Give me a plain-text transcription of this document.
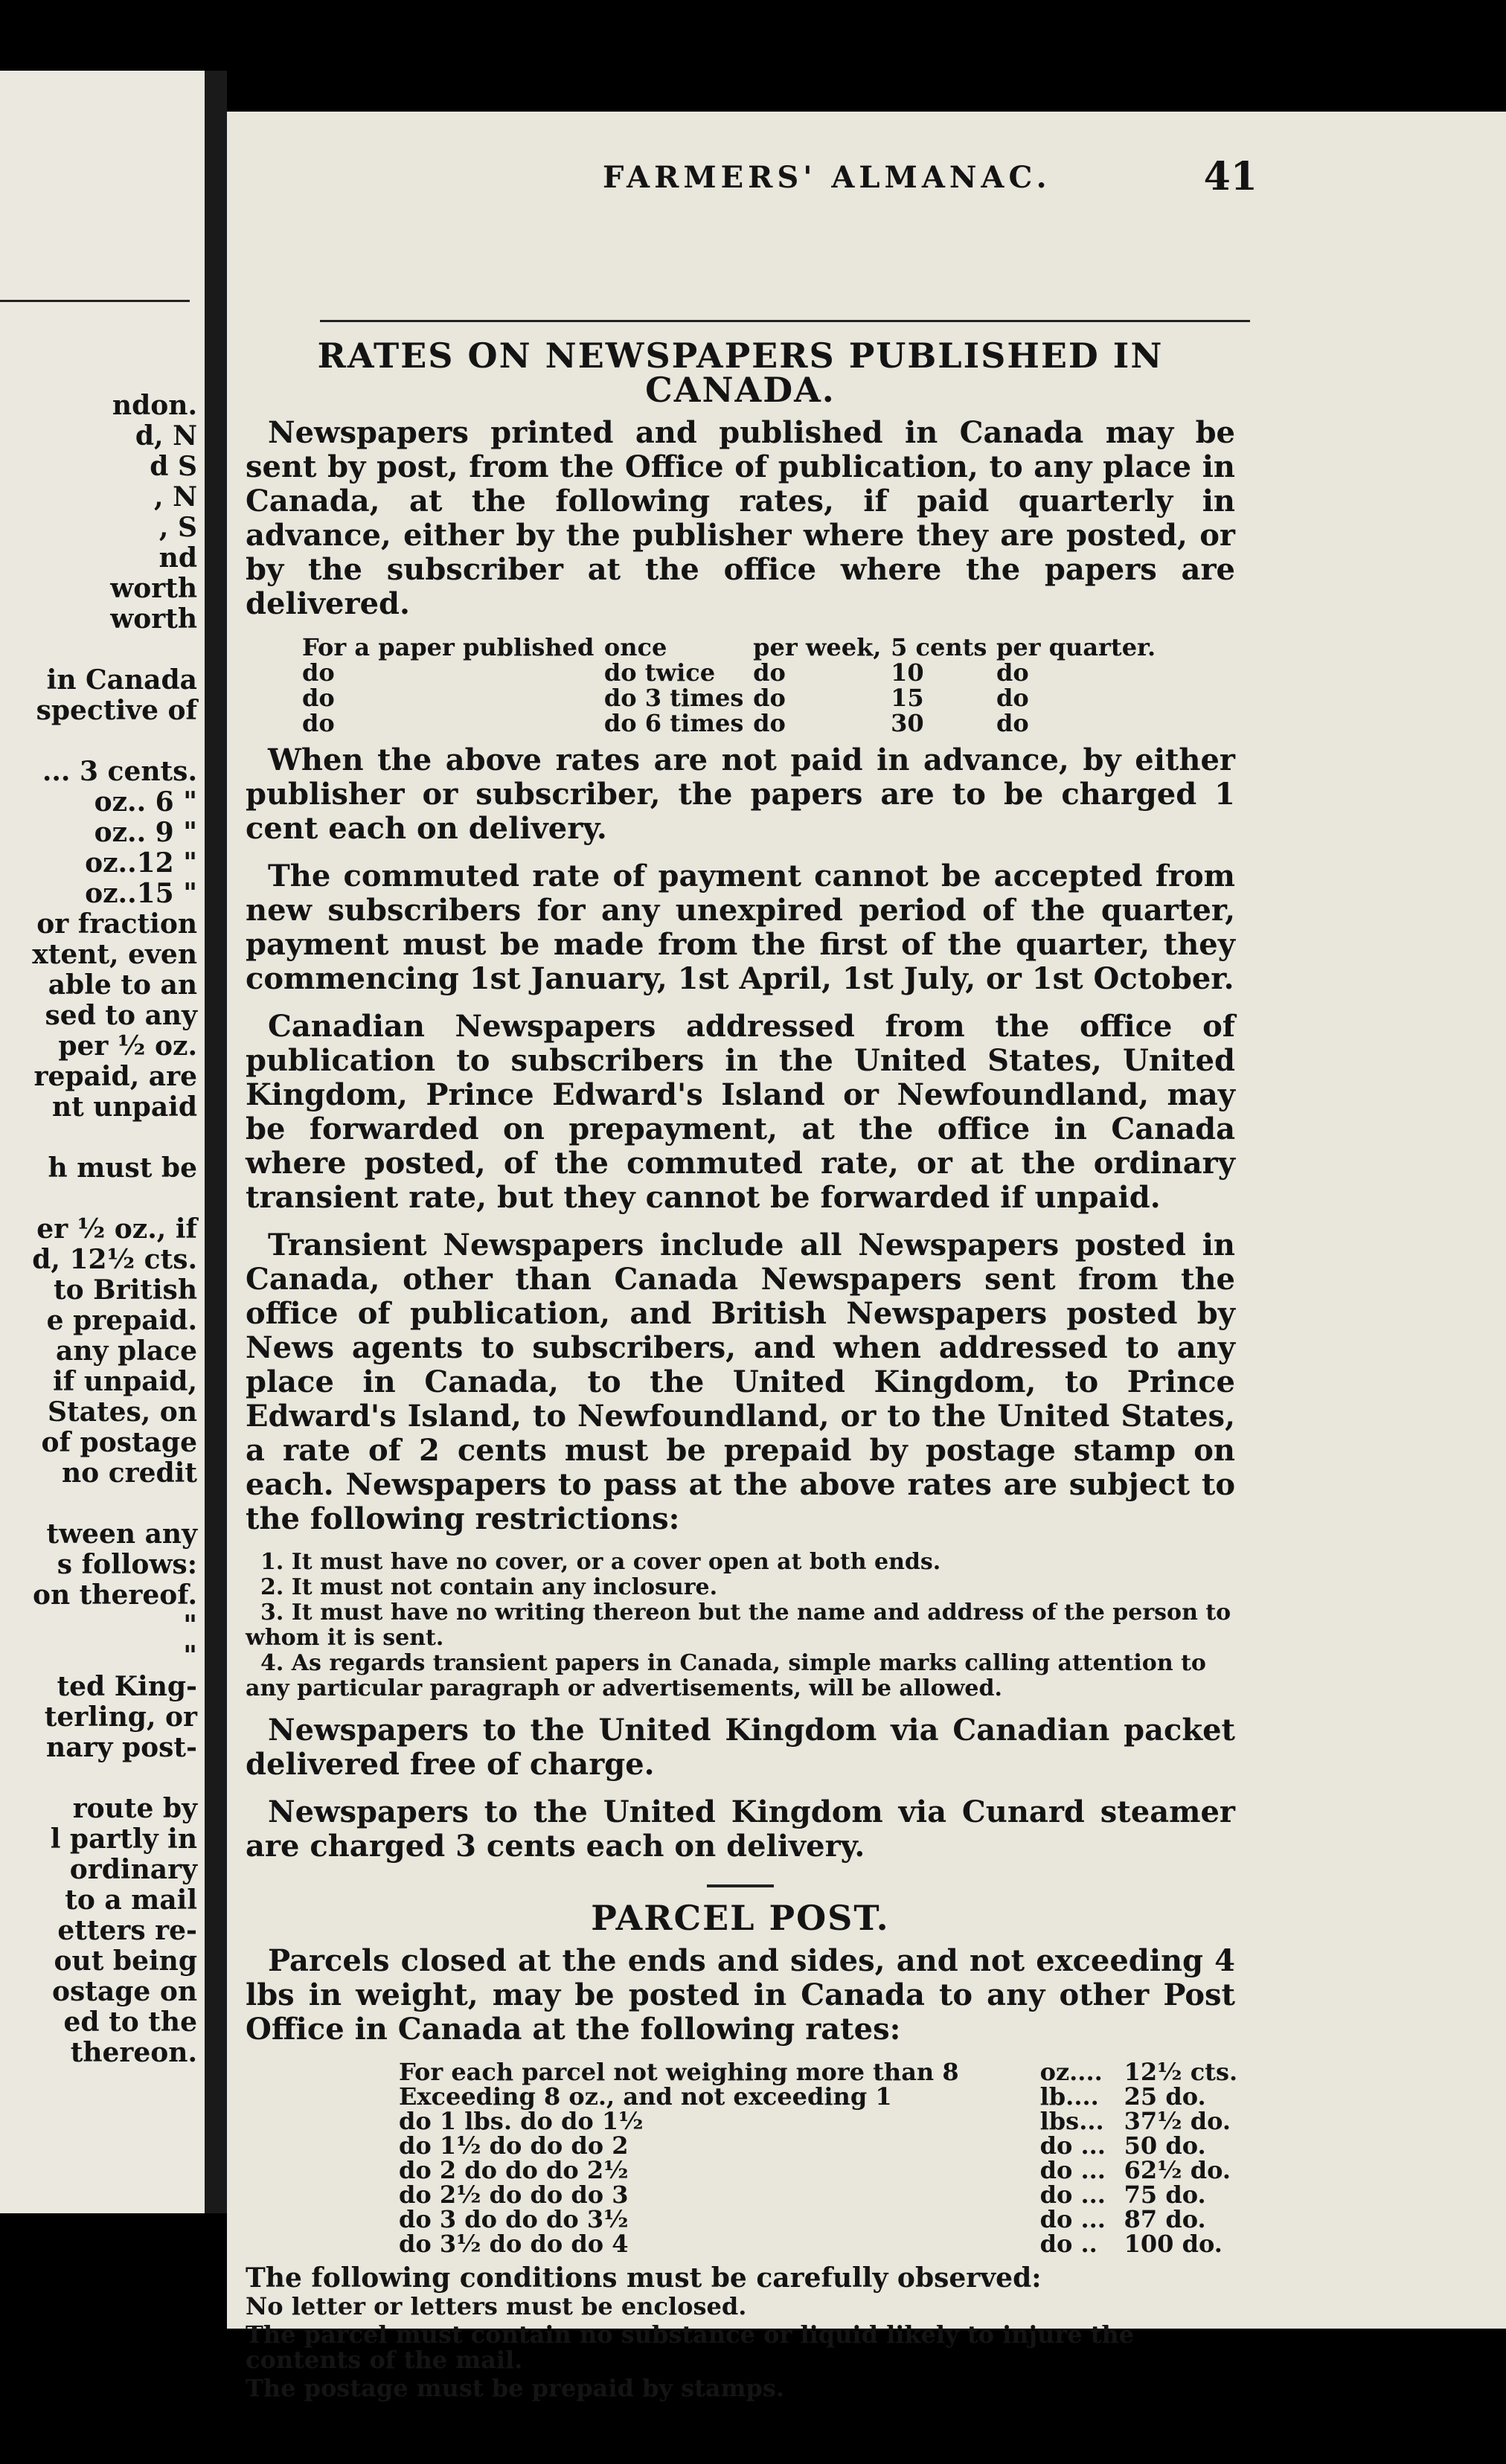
ndon.
d, N
d S
, N
, S
nd
worth
worth
in Canada
spective of
... 3 cents.
oz.. 6 "
oz.. 9 "
oz..12 "
oz..15 "
or fraction
xtent, even
able to an
sed to any
per ½ oz.
repaid, are
nt unpaid
h must be
er ½ oz., if
d, 12½ cts.
to British
e prepaid.
any place
if unpaid,
States, on
of postage
no credit
tween any
s follows:
on thereof.
"
"
ted King-
terling, or
nary post-
route by
l partly in
ordinary
to a mail
etters re-
out being
ostage on
ed to the
thereon.
FARMERS' ALMANAC.	41
RATES ON NEWSPAPERS PUBLISHED IN CANADA.

Newspapers printed and published in Canada may be sent by post, from the Office of publication, to any place in Canada, at the following rates, if paid quarterly in advance, either by the publisher where they are posted, or by the subscriber at the office where the papers are delivered.

For a paper published	once	per week,	5 cents	per quarter.
do	do twice	do	10	do
do	do 3 times	do	15	do
do	do 6 times	do	30	do

When the above rates are not paid in advance, by either publisher or subscriber, the papers are to be charged 1 cent each on delivery.

The commuted rate of payment cannot be accepted from new subscribers for any unexpired period of the quarter, payment must be made from the first of the quarter, they commencing 1st January, 1st April, 1st July, or 1st October.

Canadian Newspapers addressed from the office of publication to subscribers in the United States, United Kingdom, Prince Edward's Island or Newfoundland, may be forwarded on prepayment, at the office in Canada where posted, of the commuted rate, or at the ordinary transient rate, but they cannot be forwarded if unpaid.

Transient Newspapers include all Newspapers posted in Canada, other than Canada Newspapers sent from the office of publication, and British Newspapers posted by News agents to subscribers, and when addressed to any place in Canada, to the United Kingdom, to Prince Edward's Island, to Newfoundland, or to the United States, a rate of 2 cents must be prepaid by postage stamp on each. Newspapers to pass at the above rates are subject to the following restrictions:

1. It must have no cover, or a cover open at both ends.
2. It must not contain any inclosure.
3. It must have no writing thereon but the name and address of the person to whom it is sent.
4. As regards transient papers in Canada, simple marks calling attention to any particular paragraph or advertisements, will be allowed.

Newspapers to the United Kingdom via Canadian packet delivered free of charge.

Newspapers to the United Kingdom via Cunard steamer are charged 3 cents each on delivery.

PARCEL POST.

Parcels closed at the ends and sides, and not exceeding 4 lbs in weight, may be posted in Canada to any other Post Office in Canada at the following rates:

For each parcel not weighing more than 8	oz....	12½ cts.
Exceeding 8 oz., and not exceeding 1	lb....	25 do.
do 1 lbs. do do 1½	lbs...	37½ do.
do 1½ do do do 2	do ...	50 do.
do 2 do do do 2½	do ...	62½ do.
do 2½ do do do 3	do ...	75 do.
do 3 do do do 3½	do ...	87 do.
do 3½ do do do 4	do ..	100 do.
The following conditions must be carefully observed:
No letter or letters must be enclosed.
The parcel must contain no substance or liquid likely to injure the contents of the mail.
The postage must be prepaid by stamps.
